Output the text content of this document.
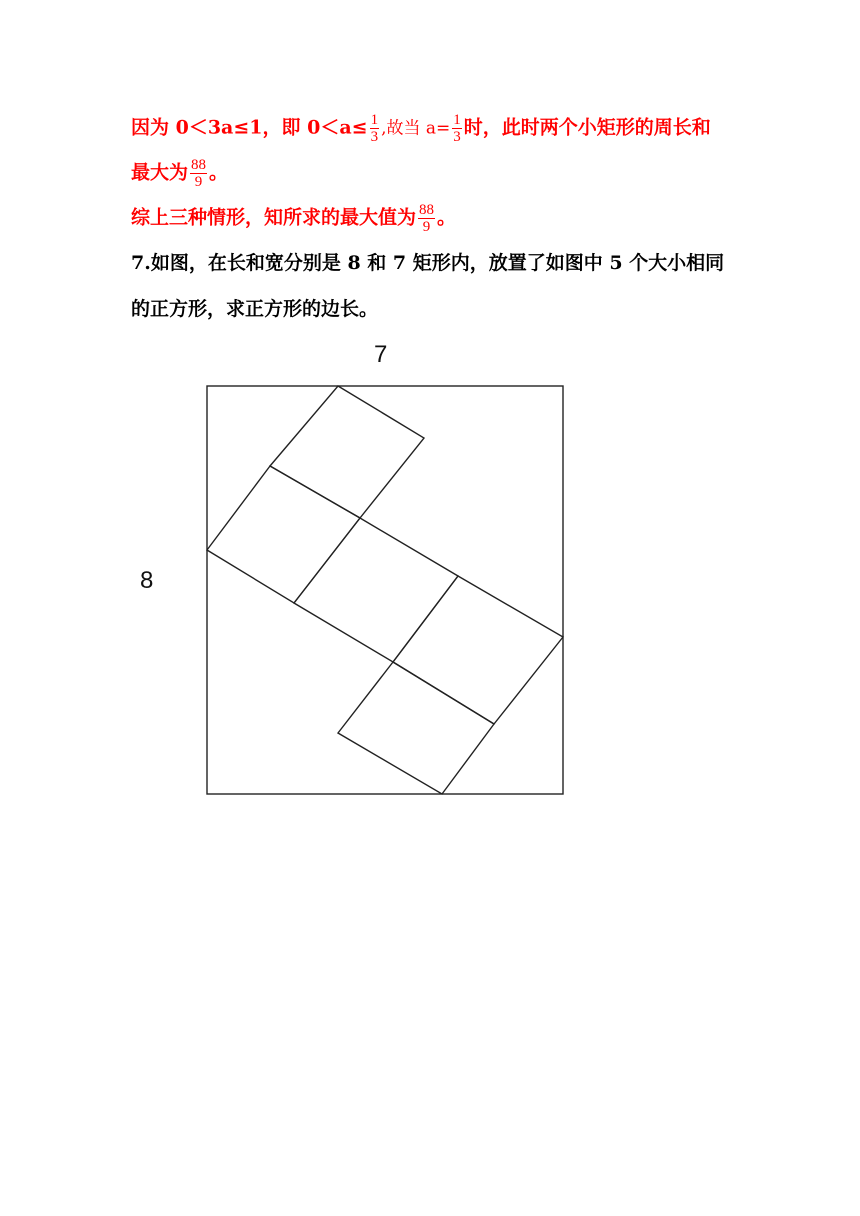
因为 0＜3a≤1，即 $0<a\le \frac{1}{3}$ ,故当 $a= \frac{1}{3}$ 时，此时两个小矩形的周长和
最大为 $\frac{88}{9}$ 。
综上三种情形，知所求的最大值为 $\frac{88}{9}$ 。
7.如图，在长和宽分别是 8 和 7 矩形内，放置了如图中 5 个大小相同
的正方形，求正方形的边长。
7
8
